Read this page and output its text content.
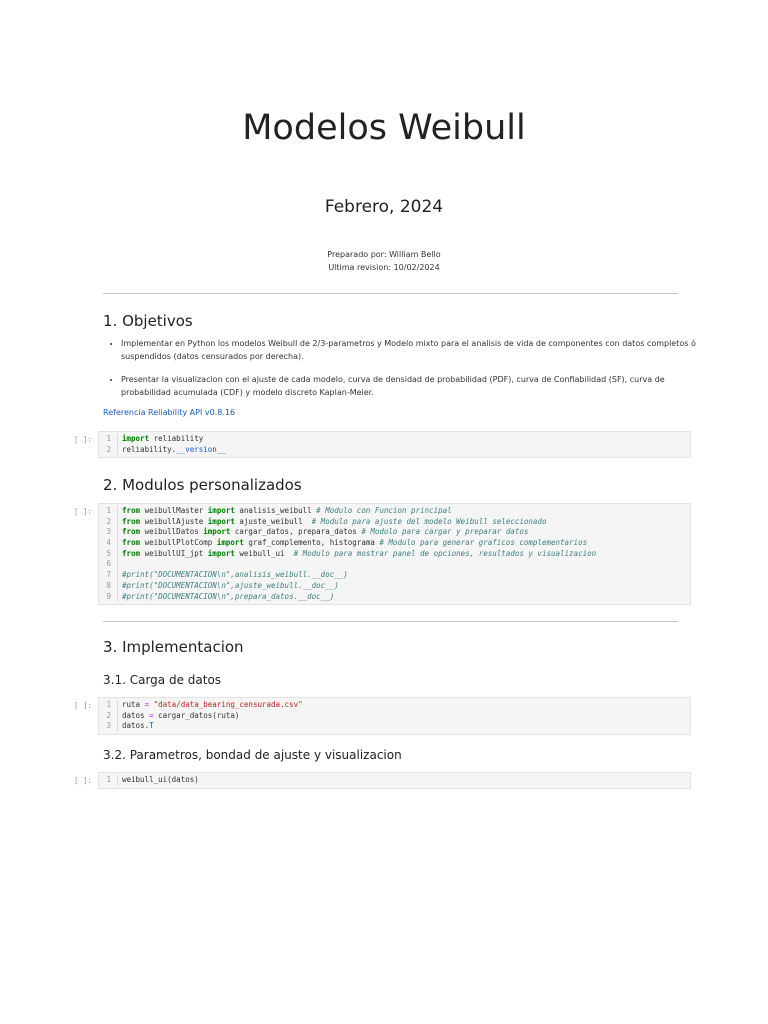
Modelos Weibull
Febrero, 2024
Preparado por: William Bello
Ultima revision: 10/02/2024
1. Objetivos
• Implementar en Python los modelos Weibull de 2/3-parametros y Modelo mixto para el analisis de vida de componentes con datos completos ó suspendidos (datos censurados por derecha).
• Presentar la visualizacion con el ajuste de cada modelo, curva de densidad de probabilidad (PDF), curva de Confiabilidad (SF), curva de probabilidad acumulada (CDF) y modelo discreto Kaplan-Meier.
Referencia Reliability API v0.8.16
[ ]:	1	import reliability
2	reliability.__version__
2. Modulos personalizados
[ ]:	1	from weibullMaster import analisis_weibull # Modulo con Funcion principal
2	from weibullAjuste import ajuste_weibull  # Modulo para ajuste del modelo Weibull seleccionado
3	from weibullDatos import cargar_datos, prepara_datos # Modulo para cargar y preparar datos
4	from weibullPlotComp import graf_complemento, histograma # Modulo para generar graficos complementarios
5	from weibullUI_jpt import weibull_ui  # Modulo para mostrar panel de opciones, resultados y visualizacion
6
7	#print("DOCUMENTACION\n",analisis_weibull.__doc__)
8	#print("DOCUMENTACION\n",ajuste_weibull.__doc__)
9	#print("DOCUMENTACION\n",prepara_datos.__doc__)
3. Implementacion
3.1. Carga de datos
[ ]:	1	ruta = "data/data_bearing_censurada.csv"
2	datos = cargar_datos(ruta)
3	datos.T
3.2. Parametros, bondad de ajuste y visualizacion
[ ]:	1	weibull_ui(datos)
